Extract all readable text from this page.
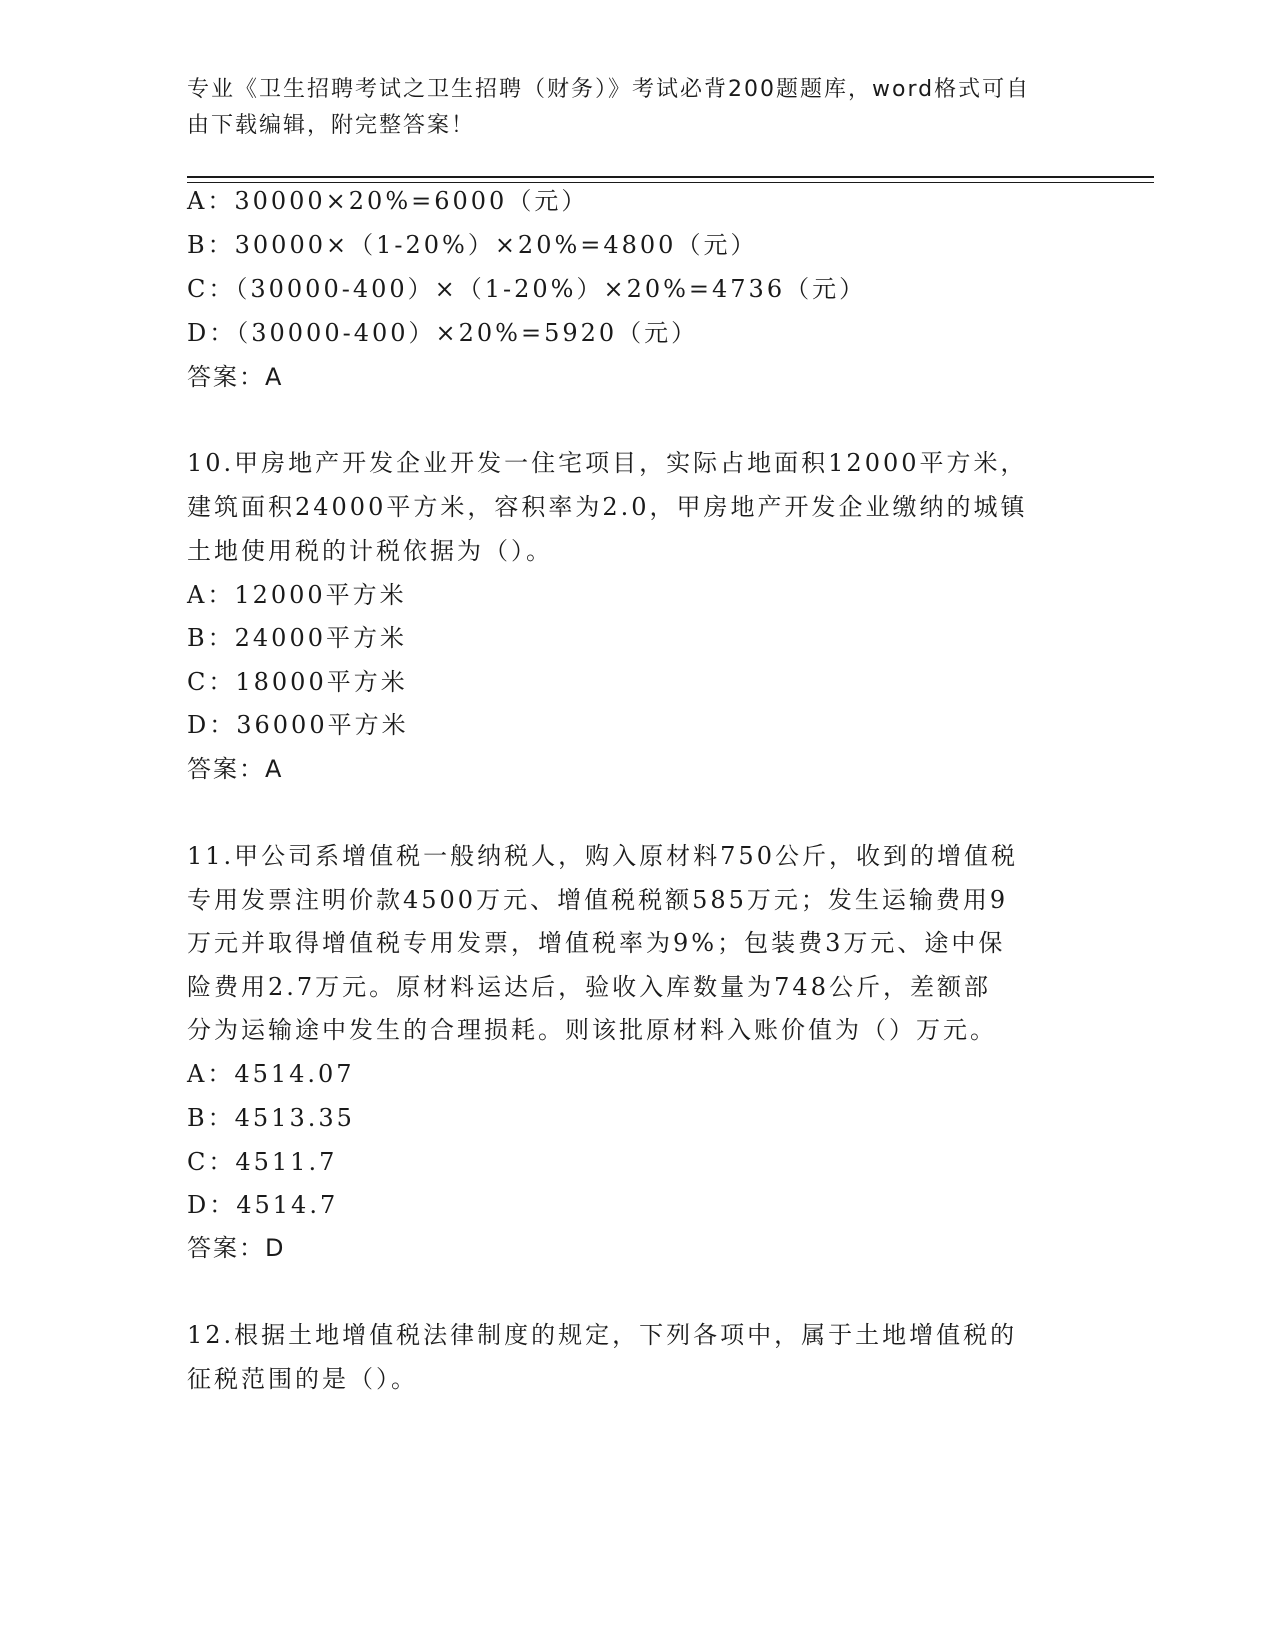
专业《卫生招聘考试之卫生招聘（财务）》考试必背200题题库，word格式可自
由下载编辑，附完整答案！
A：30000×20%=6000（元）
B：30000×（1-20%）×20%=4800（元）
C：（30000-400）×（1-20%）×20%=4736（元）
D：（30000-400）×20%=5920（元）
答案：A
10.甲房地产开发企业开发一住宅项目，实际占地面积12000平方米，
建筑面积24000平方米，容积率为2.0，甲房地产开发企业缴纳的城镇
土地使用税的计税依据为（）。
A：12000平方米
B：24000平方米
C：18000平方米
D：36000平方米
答案：A
11.甲公司系增值税一般纳税人，购入原材料750公斤，收到的增值税
专用发票注明价款4500万元、增值税税额585万元；发生运输费用9
万元并取得增值税专用发票，增值税率为9%；包装费3万元、途中保
险费用2.7万元。原材料运达后，验收入库数量为748公斤，差额部
分为运输途中发生的合理损耗。则该批原材料入账价值为（）万元。
A：4514.07
B：4513.35
C：4511.7
D：4514.7
答案：D
12.根据土地增值税法律制度的规定，下列各项中，属于土地增值税的
征税范围的是（）。
